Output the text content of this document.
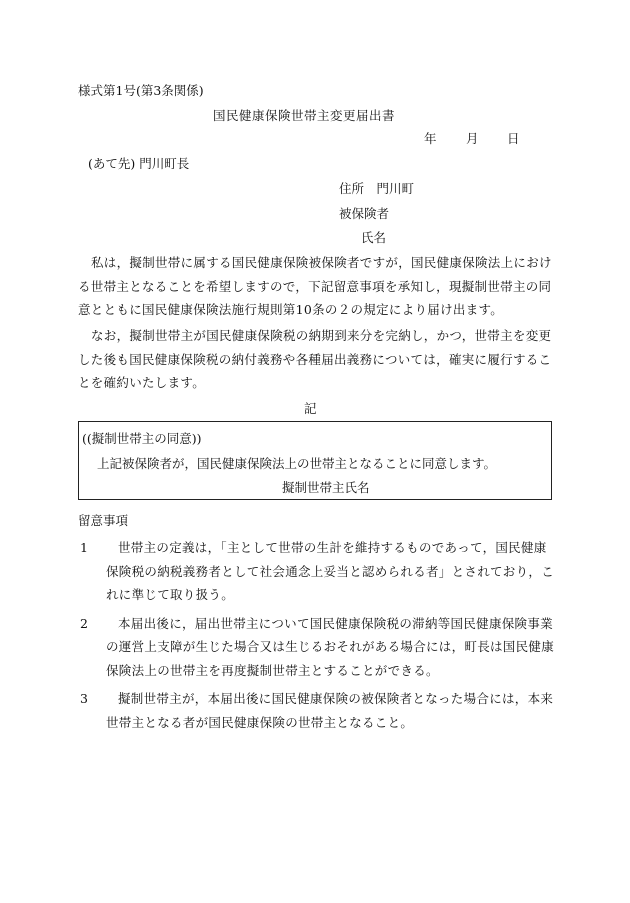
様式第1号(第3条関係)
国民健康保険世帯主変更届出書
年 月 日
(あて先) 門川町長
住所　門川町
被保険者
氏名
私は，擬制世帯に属する国民健康保険被保険者ですが，国民健康保険法上における世帯主となることを希望しますので，下記留意事項を承知し，現擬制世帯主の同意とともに国民健康保険法施行規則第10条の２の規定により届け出ます。
なお，擬制世帯主が国民健康保険税の納期到来分を完納し，かつ，世帯主を変更した後も国民健康保険税の納付義務や各種届出義務については，確実に履行することを確約いたします。
記
((擬制世帯主の同意))
上記被保険者が，国民健康保険法上の世帯主となることに同意します。
擬制世帯主氏名
留意事項
1	世帯主の定義は，「主として世帯の生計を維持するものであって，国民健康保険税の納税義務者として社会通念上妥当と認められる者」とされており，これに準じて取り扱う。
2	本届出後に，届出世帯主について国民健康保険税の滞納等国民健康保険事業の運営上支障が生じた場合又は生じるおそれがある場合には，町長は国民健康保険法上の世帯主を再度擬制世帯主とすることができる。
3	擬制世帯主が，本届出後に国民健康保険の被保険者となった場合には，本来世帯主となる者が国民健康保険の世帯主となること。
